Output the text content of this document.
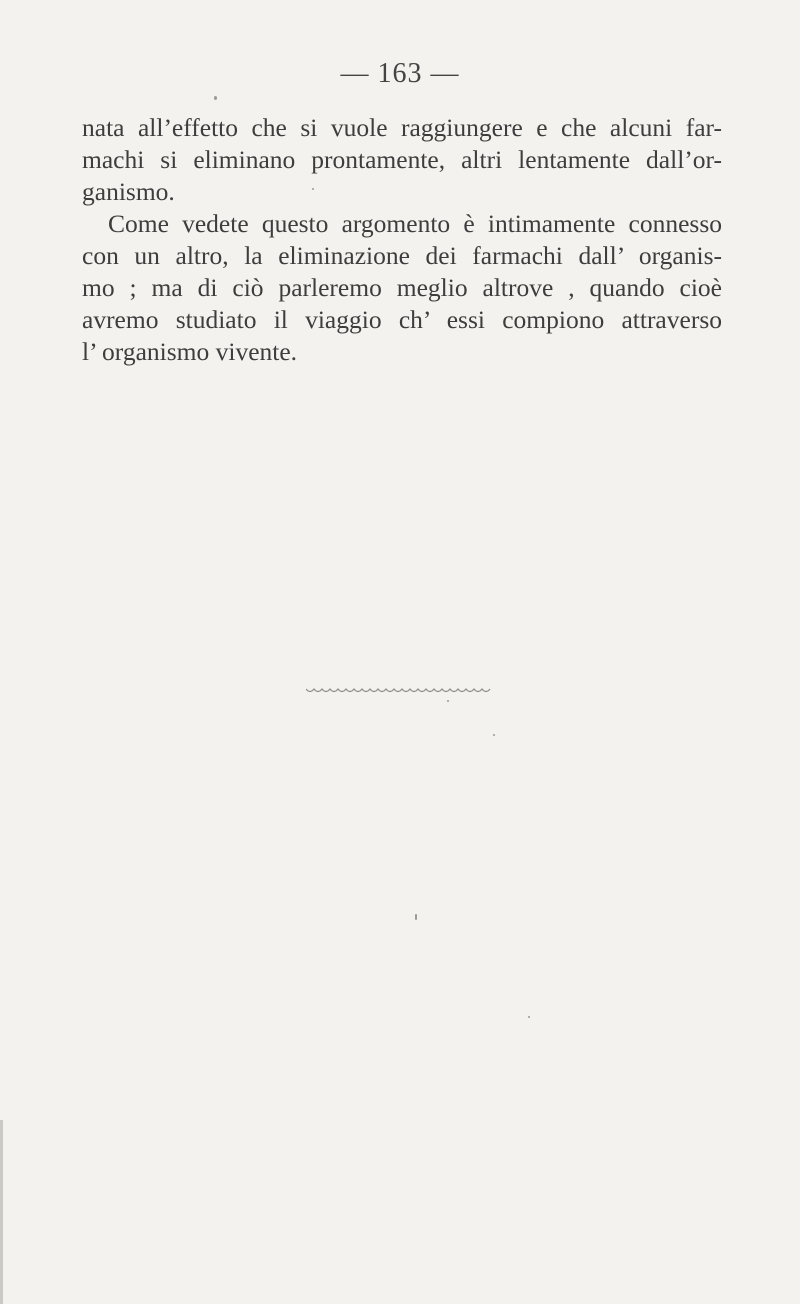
— 163 —
nata all’effetto che si vuole raggiungere e che alcuni far-
machi si eliminano prontamente, altri lentamente dall’or-
ganismo.
Come vedete questo argomento è intimamente connesso
con un altro, la eliminazione dei farmachi dall’ organis-
mo ; ma di ciò parleremo meglio altrove , quando cioè
avremo studiato il viaggio ch’ essi compiono attraverso
l’ organismo vivente.
